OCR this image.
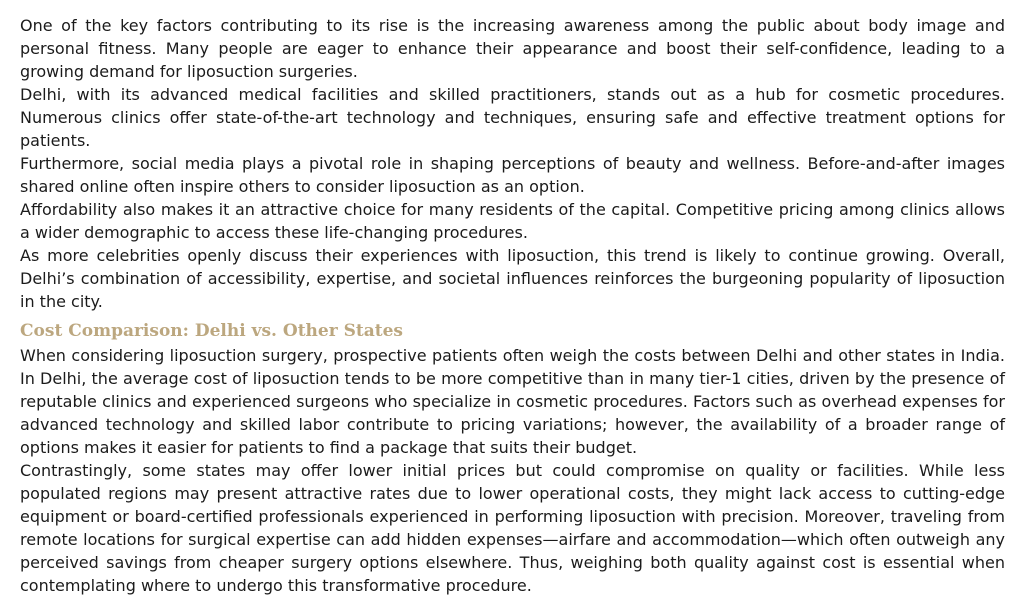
One of the key factors contributing to its rise is the increasing awareness among the public about body image and personal fitness. Many people are eager to enhance their appearance and boost their self-confidence, leading to a growing demand for liposuction surgeries.

Delhi, with its advanced medical facilities and skilled practitioners, stands out as a hub for cosmetic procedures. Numerous clinics offer state-of-the-art technology and techniques, ensuring safe and effective treatment options for patients.

Furthermore, social media plays a pivotal role in shaping perceptions of beauty and wellness. Before-and-after images shared online often inspire others to consider liposuction as an option.

Affordability also makes it an attractive choice for many residents of the capital. Competitive pricing among clinics allows a wider demographic to access these life-changing procedures.

As more celebrities openly discuss their experiences with liposuction, this trend is likely to continue growing. Overall, Delhi’s combination of accessibility, expertise, and societal influences reinforces the burgeoning popularity of liposuction in the city.

Cost Comparison: Delhi vs. Other States

When considering liposuction surgery, prospective patients often weigh the costs between Delhi and other states in India. In Delhi, the average cost of liposuction tends to be more competitive than in many tier-1 cities, driven by the presence of reputable clinics and experienced surgeons who specialize in cosmetic procedures. Factors such as overhead expenses for advanced technology and skilled labor contribute to pricing variations; however, the availability of a broader range of options makes it easier for patients to find a package that suits their budget.

Contrastingly, some states may offer lower initial prices but could compromise on quality or facilities. While less populated regions may present attractive rates due to lower operational costs, they might lack access to cutting-edge equipment or board-certified professionals experienced in performing liposuction with precision. Moreover, traveling from remote locations for surgical expertise can add hidden expenses—airfare and accommodation—which often outweigh any perceived savings from cheaper surgery options elsewhere. Thus, weighing both quality against cost is essential when contemplating where to undergo this transformative procedure.
